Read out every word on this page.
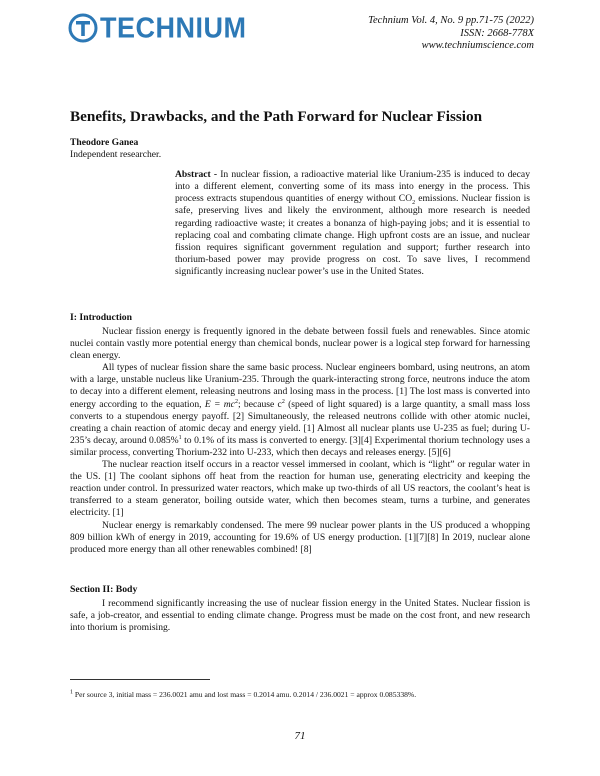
TECHNIUM	Technium Vol. 4, No. 9 pp.71-75 (2022)
ISSN: 2668-778X
www.techniumscience.com
Benefits, Drawbacks, and the Path Forward for Nuclear Fission
Theodore Ganea
Independent researcher.

Abstract - In nuclear fission, a radioactive material like Uranium-235 is induced to decay into a different element, converting some of its mass into energy in the process. This process extracts stupendous quantities of energy without $CO_2$ emissions. Nuclear fission is safe, preserving lives and likely the environment, although more research is needed regarding radioactive waste; it creates a bonanza of high-paying jobs; and it is essential to replacing coal and combating climate change. High upfront costs are an issue, and nuclear fission requires significant government regulation and support; further research into thorium-based power may provide progress on cost. To save lives, I recommend significantly increasing nuclear power’s use in the United States.

I: Introduction

Nuclear fission energy is frequently ignored in the debate between fossil fuels and renewables. Since atomic nuclei contain vastly more potential energy than chemical bonds, nuclear power is a logical step forward for harnessing clean energy.

All types of nuclear fission share the same basic process. Nuclear engineers bombard, using neutrons, an atom with a large, unstable nucleus like Uranium-235. Through the quark-interacting strong force, neutrons induce the atom to decay into a different element, releasing neutrons and losing mass in the process. [1] The lost mass is converted into energy according to the equation, $E = mc^2$; because $c^2$ (speed of light squared) is a large quantity, a small mass loss converts to a stupendous energy payoff. [2] Simultaneously, the released neutrons collide with other atomic nuclei, creating a chain reaction of atomic decay and energy yield. [1] Almost all nuclear plants use U-235 as fuel; during U-235’s decay, around 0.085%$^1$ to 0.1% of its mass is converted to energy. [3][4] Experimental thorium technology uses a similar process, converting Thorium-232 into U-233, which then decays and releases energy. [5][6]

The nuclear reaction itself occurs in a reactor vessel immersed in coolant, which is “light” or regular water in the US. [1] The coolant siphons off heat from the reaction for human use, generating electricity and keeping the reaction under control. In pressurized water reactors, which make up two-thirds of all US reactors, the coolant’s heat is transferred to a steam generator, boiling outside water, which then becomes steam, turns a turbine, and generates electricity. [1]

Nuclear energy is remarkably condensed. The mere 99 nuclear power plants in the US produced a whopping 809 billion kWh of energy in 2019, accounting for 19.6% of US energy production. [1][7][8] In 2019, nuclear alone produced more energy than all other renewables combined! [8]

Section II: Body

I recommend significantly increasing the use of nuclear fission energy in the United States. Nuclear fission is safe, a job-creator, and essential to ending climate change. Progress must be made on the cost front, and new research into thorium is promising.

$^1$ Per source 3, initial mass = 236.0021 amu and lost mass = 0.2014 amu. 0.2014 / 236.0021 = approx 0.085338%.
71
